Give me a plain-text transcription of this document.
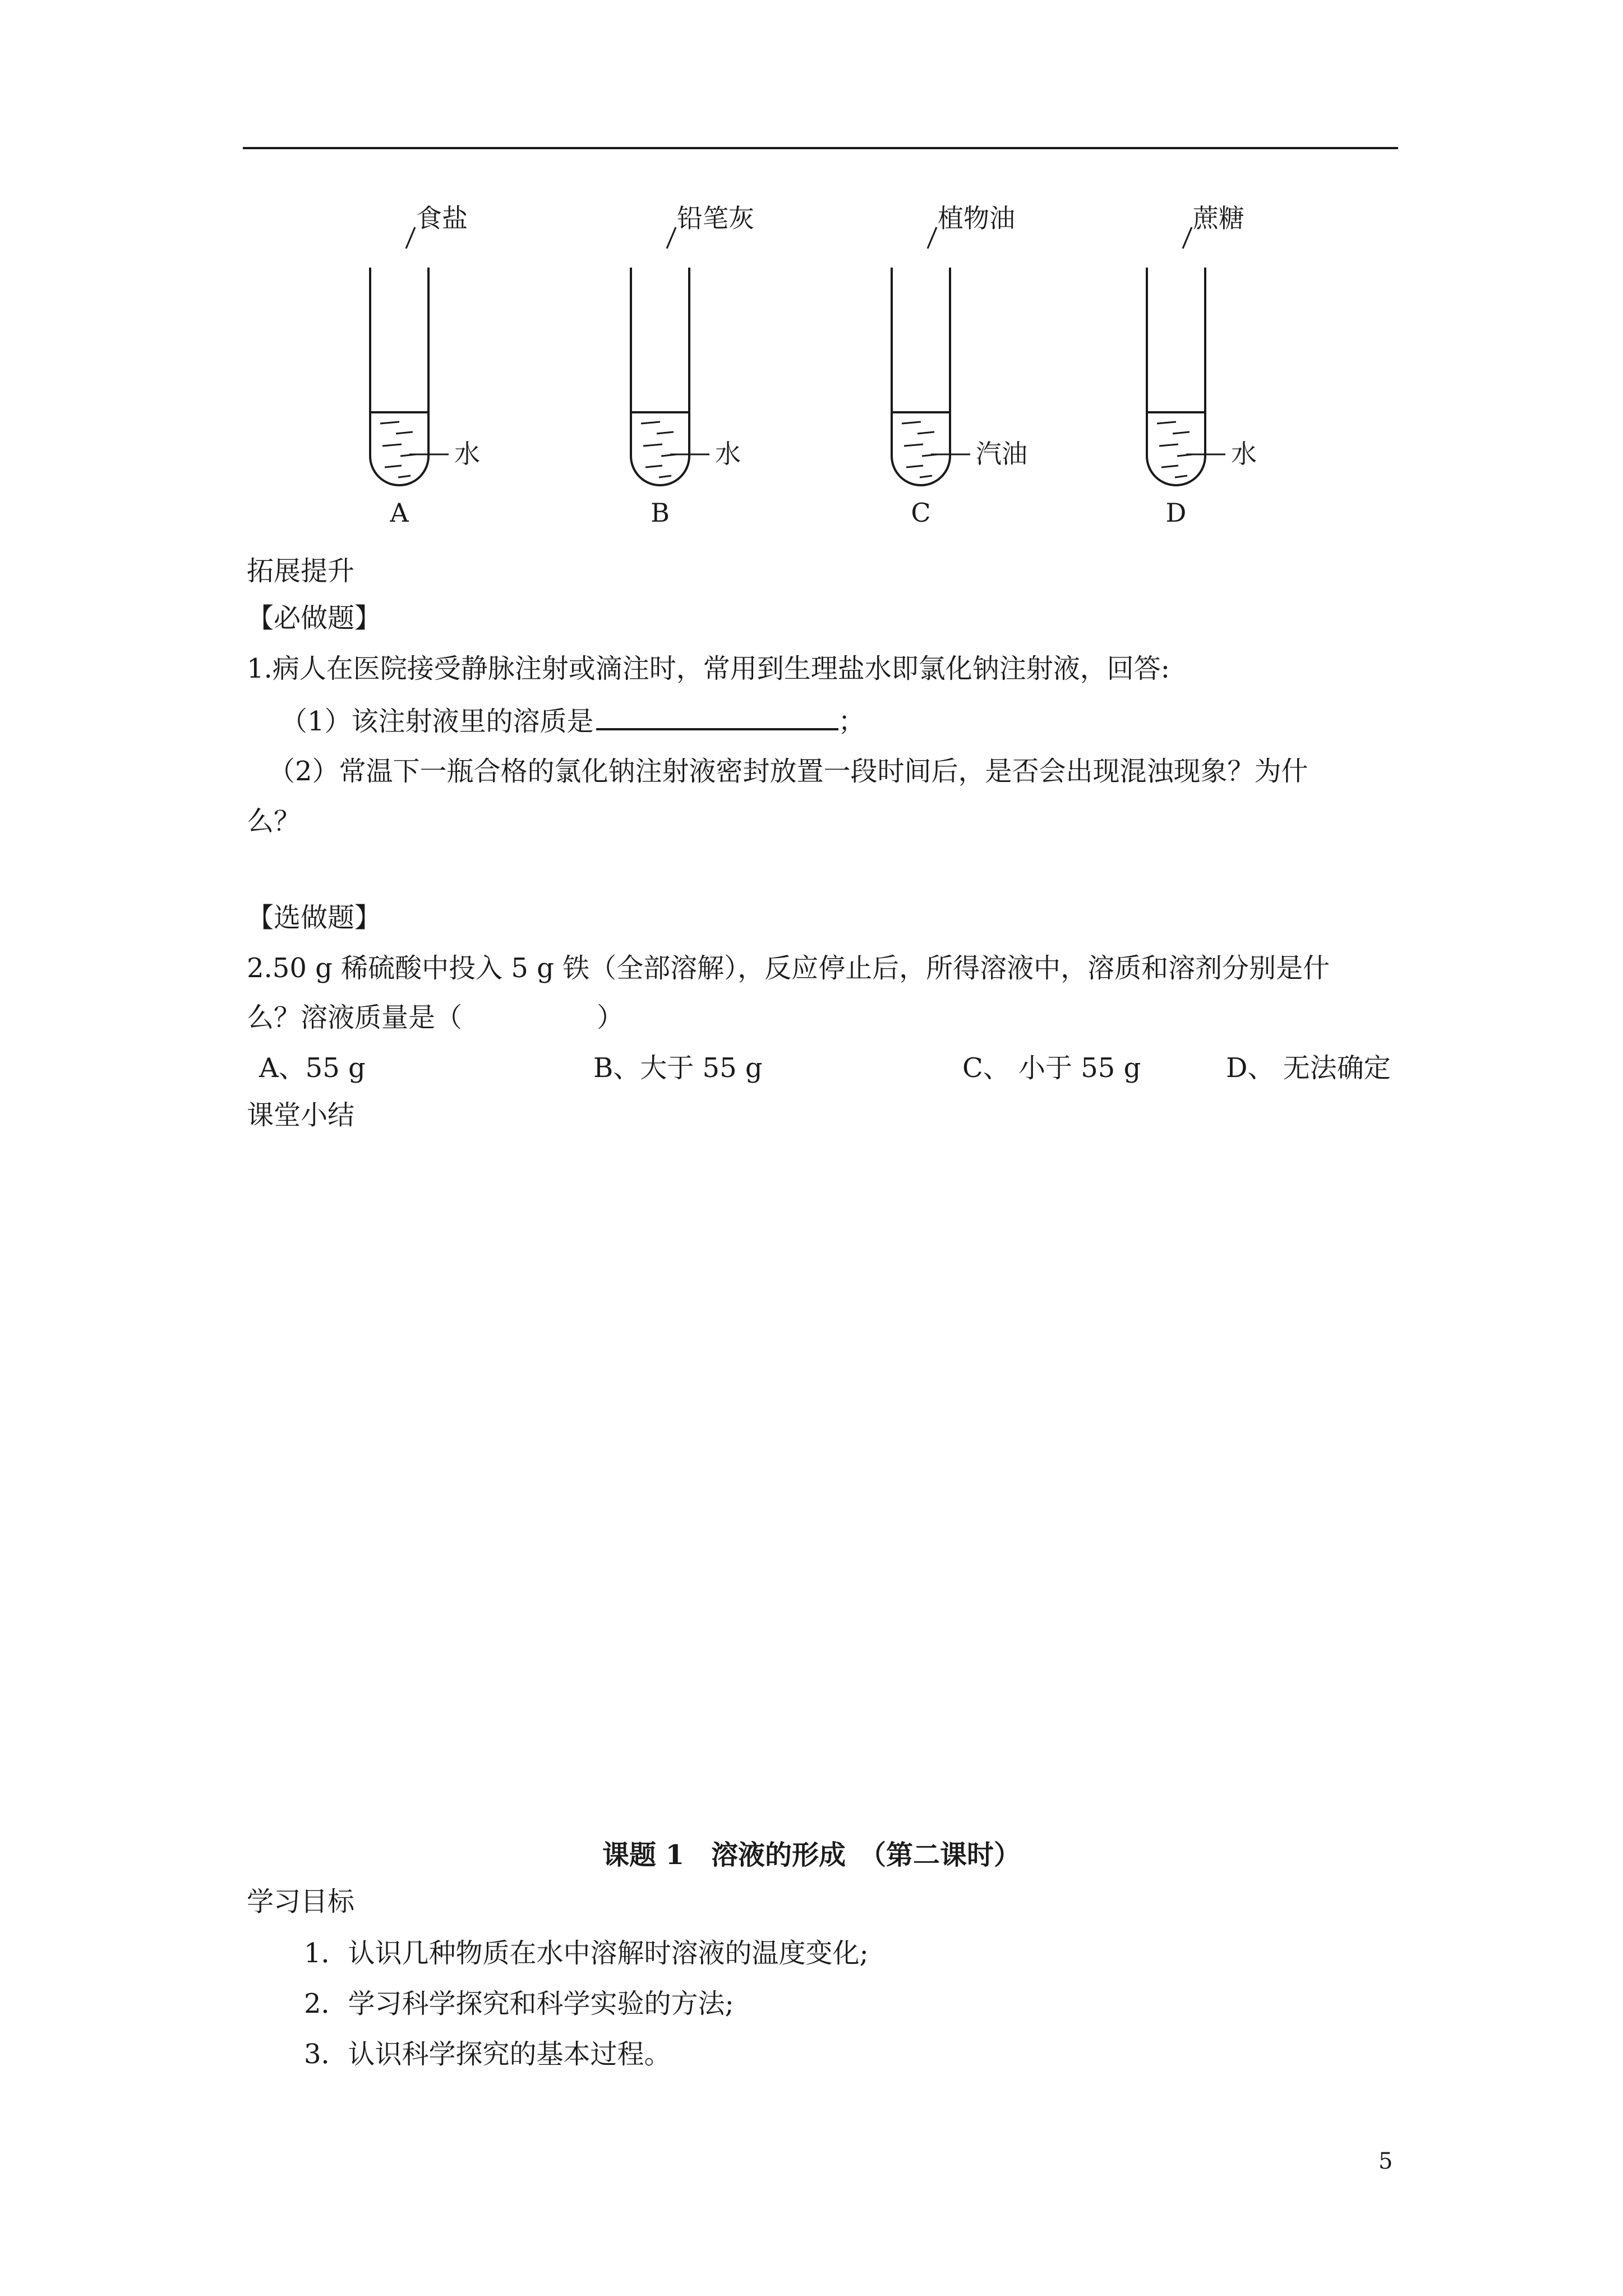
食盐
水
A
铅笔灰
水
B
植物油
汽油
C
蔗糖
水
D
拓展提升
【必做题】
1.病人在医院接受静脉注射或滴注时，常用到生理盐水即氯化钠注射液，回答:
（1）该注射液里的溶质是	；
（2）常温下一瓶合格的氯化钠注射液密封放置一段时间后，是否会出现混浊现象？为什
么？
【选做题】
2.50 g 稀硫酸中投入 5 g 铁（全部溶解），反应停止后，所得溶液中，溶质和溶剂分别是什
么？溶液质量是（　　　　　）
A、55 g	B、大于 55 g	C、 小于 55 g	D、 无法确定
课堂小结
课题 1　溶液的形成　（第二课时）
学习目标
1．认识几种物质在水中溶解时溶液的温度变化;
2．学习科学探究和科学实验的方法;
3．认识科学探究的基本过程。
5
